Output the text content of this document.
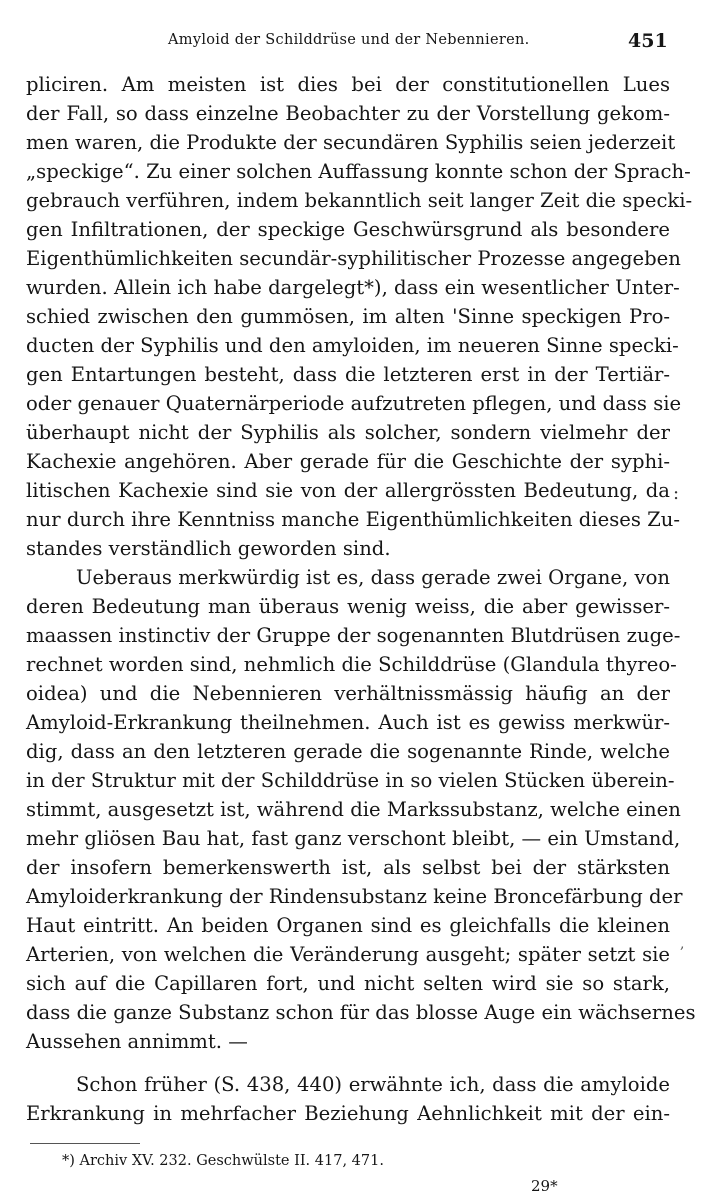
Amyloid der Schilddrüse und der Nebennieren.	451
pliciren. Am meisten ist dies bei der constitutionellen Lues
der Fall, so dass einzelne Beobachter zu der Vorstellung gekom-
men waren, die Produkte der secundären Syphilis seien jederzeit
„speckige“. Zu einer solchen Auffassung konnte schon der Sprach-
gebrauch verführen, indem bekanntlich seit langer Zeit die specki-
gen Infiltrationen, der speckige Geschwürsgrund als besondere
Eigenthümlichkeiten secundär-syphilitischer Prozesse angegeben
wurden. Allein ich habe dargelegt*), dass ein wesentlicher Unter-
schied zwischen den gummösen, im alten 'Sinne speckigen Pro-
ducten der Syphilis und den amyloiden, im neueren Sinne specki-
gen Entartungen besteht, dass die letzteren erst in der Tertiär-
oder genauer Quaternärperiode aufzutreten pflegen, und dass sie
überhaupt nicht der Syphilis als solcher, sondern vielmehr der
Kachexie angehören. Aber gerade für die Geschichte der syphi-
litischen Kachexie sind sie von der allergrössten Bedeutung, da
nur durch ihre Kenntniss manche Eigenthümlichkeiten dieses Zu-
standes verständlich geworden sind.
Ueberaus merkwürdig ist es, dass gerade zwei Organe, von
deren Bedeutung man überaus wenig weiss, die aber gewisser-
maassen instinctiv der Gruppe der sogenannten Blutdrüsen zuge-
rechnet worden sind, nehmlich die Schilddrüse (Glandula thyreo-
oidea) und die Nebennieren verhältnissmässig häufig an der
Amyloid-Erkrankung theilnehmen. Auch ist es gewiss merkwür-
dig, dass an den letzteren gerade die sogenannte Rinde, welche
in der Struktur mit der Schilddrüse in so vielen Stücken überein-
stimmt, ausgesetzt ist, während die Markssubstanz, welche einen
mehr gliösen Bau hat, fast ganz verschont bleibt, — ein Umstand,
der insofern bemerkenswerth ist, als selbst bei der stärksten
Amyloiderkrankung der Rindensubstanz keine Broncefärbung der
Haut eintritt. An beiden Organen sind es gleichfalls die kleinen
Arterien, von welchen die Veränderung ausgeht; später setzt sie
sich auf die Capillaren fort, und nicht selten wird sie so stark,
dass die ganze Substanz schon für das blosse Auge ein wächsernes
Aussehen annimmt. —
Schon früher (S. 438, 440) erwähnte ich, dass die amyloide
Erkrankung in mehrfacher Beziehung Aehnlichkeit mit der ein-
:
,
*) Archiv XV. 232. Geschwülste II. 417, 471.
29*
